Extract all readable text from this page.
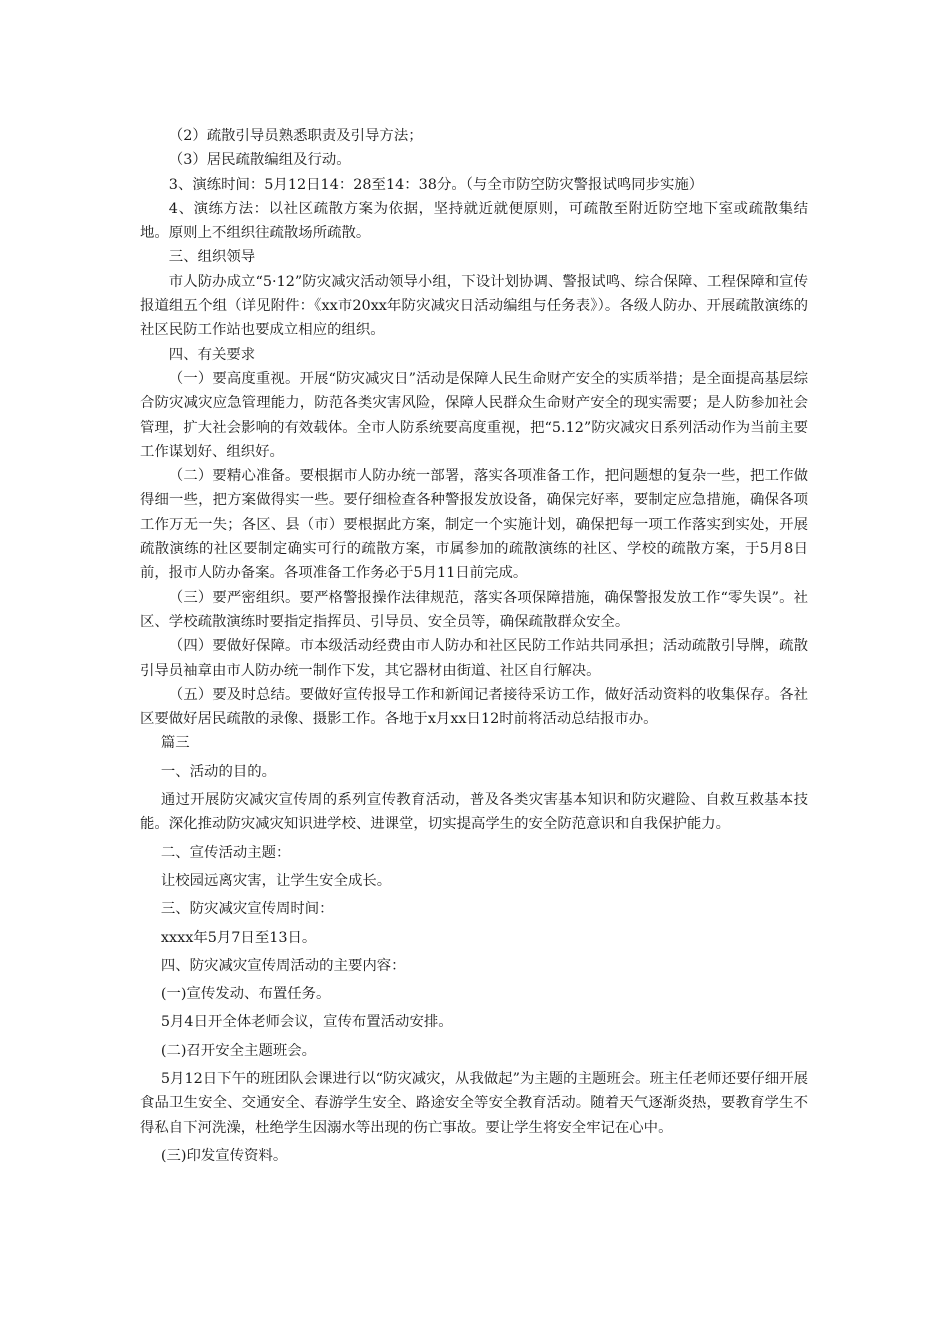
（2）疏散引导员熟悉职责及引导方法；

（3）居民疏散编组及行动。

3、演练时间：5月12日14：28至14：38分。（与全市防空防灾警报试鸣同步实施）

4、演练方法：以社区疏散方案为依据，坚持就近就便原则，可疏散至附近防空地下室或疏散集结地。原则上不组织往疏散场所疏散。

三、组织领导

市人防办成立“5·12”防灾减灾活动领导小组，下设计划协调、警报试鸣、综合保障、工程保障和宣传报道组五个组（详见附件：《xx市20xx年防灾减灾日活动编组与任务表》）。各级人防办、开展疏散演练的社区民防工作站也要成立相应的组织。

四、有关要求

（一）要高度重视。开展“防灾减灾日”活动是保障人民生命财产安全的实质举措；是全面提高基层综合防灾减灾应急管理能力，防范各类灾害风险，保障人民群众生命财产安全的现实需要；是人防参加社会管理，扩大社会影响的有效载体。全市人防系统要高度重视，把“5.12”防灾减灾日系列活动作为当前主要工作谋划好、组织好。

（二）要精心准备。要根据市人防办统一部署，落实各项准备工作，把问题想的复杂一些，把工作做得细一些，把方案做得实一些。要仔细检查各种警报发放设备，确保完好率，要制定应急措施，确保各项工作万无一失；各区、县（市）要根据此方案，制定一个实施计划，确保把每一项工作落实到实处，开展疏散演练的社区要制定确实可行的疏散方案，市属参加的疏散演练的社区、学校的疏散方案，于5月8日前，报市人防办备案。各项准备工作务必于5月11日前完成。

（三）要严密组织。要严格警报操作法律规范，落实各项保障措施，确保警报发放工作“零失误”。社区、学校疏散演练时要指定指挥员、引导员、安全员等，确保疏散群众安全。

（四）要做好保障。市本级活动经费由市人防办和社区民防工作站共同承担；活动疏散引导牌，疏散引导员袖章由市人防办统一制作下发，其它器材由街道、社区自行解决。

（五）要及时总结。要做好宣传报导工作和新闻记者接待采访工作，做好活动资料的收集保存。各社区要做好居民疏散的录像、摄影工作。各地于x月xx日12时前将活动总结报市办。

篇三

一、活动的目的。

通过开展防灾减灾宣传周的系列宣传教育活动，普及各类灾害基本知识和防灾避险、自救互救基本技能。深化推动防灾减灾知识进学校、进课堂，切实提高学生的安全防范意识和自我保护能力。

二、宣传活动主题：

让校园远离灾害，让学生安全成长。

三、防灾减灾宣传周时间：

xxxx年5月7日至13日。

四、防灾减灾宣传周活动的主要内容：

(一)宣传发动、布置任务。

5月4日开全体老师会议，宣传布置活动安排。

(二)召开安全主题班会。

5月12日下午的班团队会课进行以“防灾减灾，从我做起”为主题的主题班会。班主任老师还要仔细开展食品卫生安全、交通安全、春游学生安全、路途安全等安全教育活动。随着天气逐渐炎热，要教育学生不得私自下河洗澡，杜绝学生因溺水等出现的伤亡事故。要让学生将安全牢记在心中。

(三)印发宣传资料。
